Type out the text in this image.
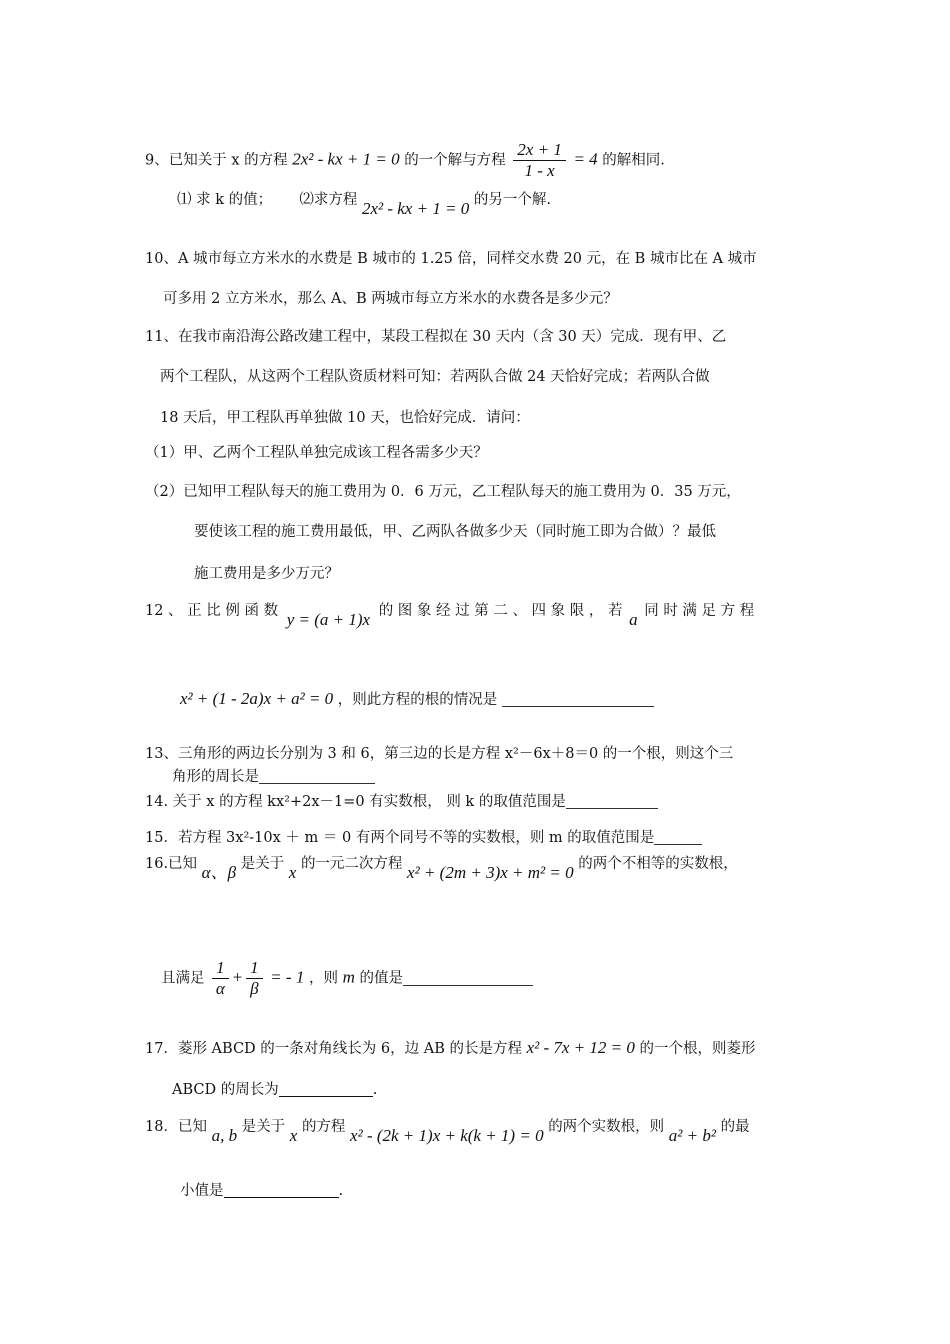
9、已知关于 x 的方程 2x² - kx + 1 = 0 的一个解与方程 $\frac{2x + 1}{1 - x} = 4$ 的解相同.
⑴ 求 k 的值； ⑵求方程 2x² - kx + 1 = 0 的另一个解.
10、A 城市每立方米水的水费是 B 城市的 1.25 倍，同样交水费 20 元，在 B 城市比在 A 城市
可多用 2 立方米水，那么 A、B 两城市每立方米水的水费各是多少元？
11、在我市南沿海公路改建工程中，某段工程拟在 30 天内（含 30 天）完成．现有甲、乙
两个工程队，从这两个工程队资质材料可知：若两队合做 24 天恰好完成；若两队合做
18 天后，甲工程队再单独做 10 天，也恰好完成．请问：
（1）甲、乙两个工程队单独完成该工程各需多少天？
（2）已知甲工程队每天的施工费用为 0．6 万元，乙工程队每天的施工费用为 0．35 万元，
要使该工程的施工费用最低，甲、乙两队各做多少天（同时施工即为合做）？最低
施工费用是多少万元？
12 、 正 比 例 函 数 y = (a + 1)x 的 图 象 经 过 第 二 、 四 象 限 ， 若 a 同 时 满 足 方 程
x² + (1 - 2a)x + a² = 0 ，则此方程的根的情况是
13、三角形的两边长分别为 3 和 6，第三边的长是方程 x²－6x＋8＝0 的一个根，则这个三
角形的周长是
14. 关于 x 的方程 kx²+2x－1=0 有实数根， 则 k 的取值范围是
15．若方程 3x²-10x ＋ m ＝ 0 有两个同号不等的实数根，则 m 的取值范围是
16.已知 α、β 是关于 x 的一元二次方程 x² + (2m + 3)x + m² = 0 的两个不相等的实数根，
且满足 $\frac{1}{\alpha} + \frac{1}{\beta}$ = - 1 ，则 m 的值是
17．菱形 ABCD 的一条对角线长为 6，边 AB 的长是方程 x² - 7x + 12 = 0 的一个根，则菱形
ABCD 的周长为	.
18．已知 a, b 是关于 x 的方程 x² - (2k + 1)x + k(k + 1) = 0 的两个实数根，则 a² + b² 的最
小值是	.
